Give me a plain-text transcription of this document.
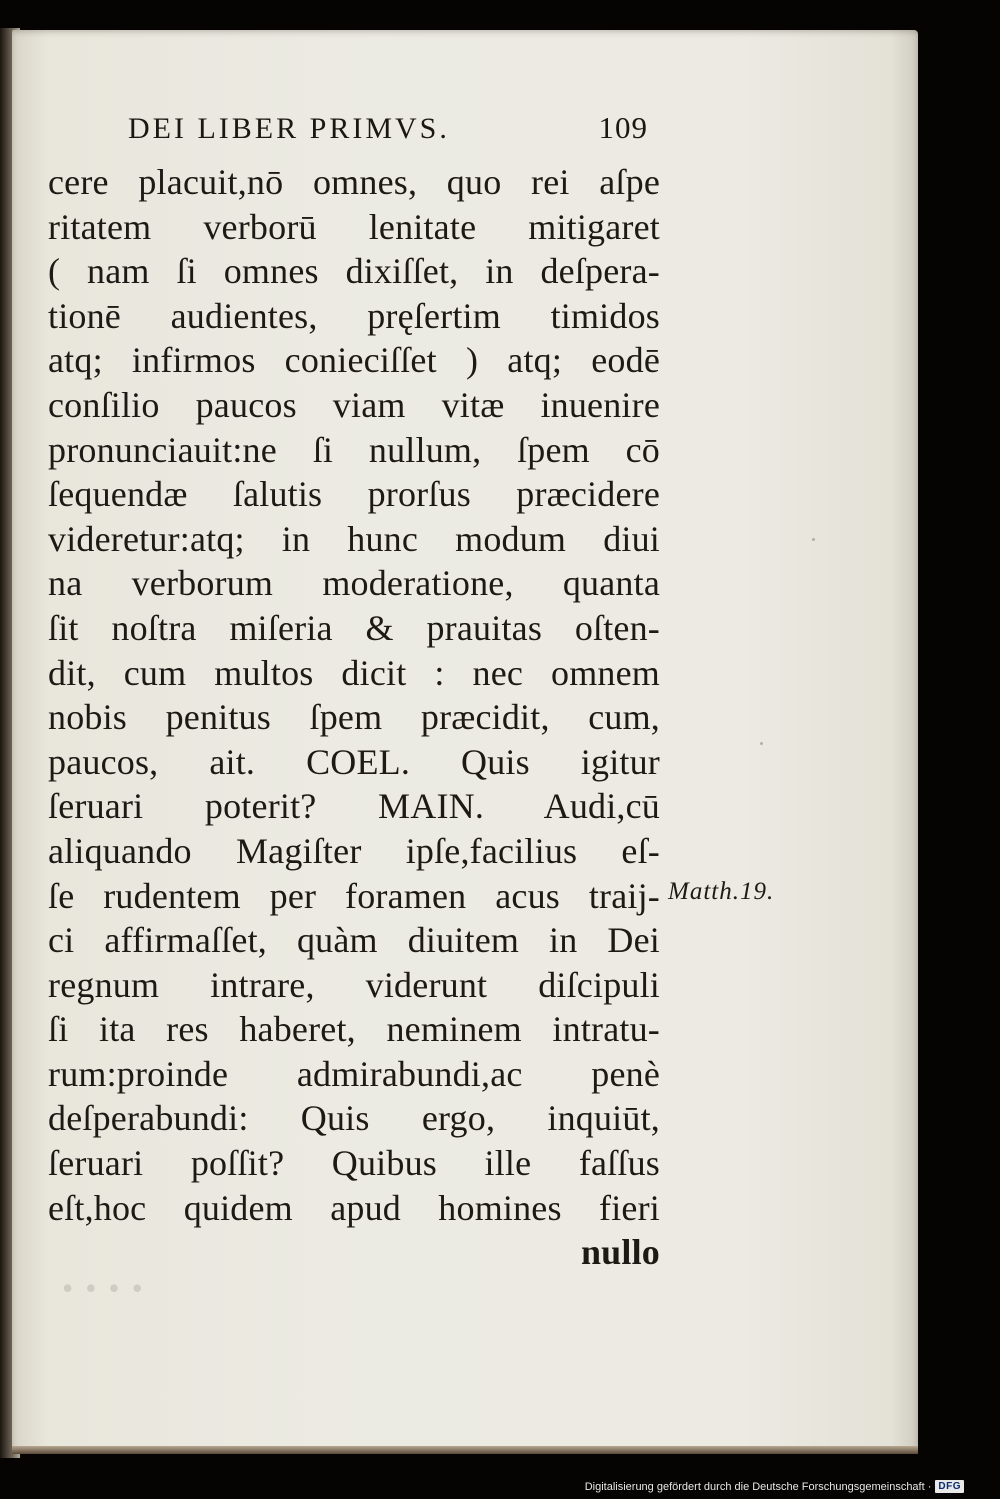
DEI LIBER PRIMVS.	109
cere placuit,nō omnes, quo rei aſpe
ritatem verborū lenitate mitigaret
( nam ſi omnes dixiſſet, in deſpera-
tionē audientes, pręſertim timidos
atq; infirmos conieciſſet ) atq; eodē
conſilio paucos viam vitæ inuenire
pronunciauit:ne ſi nullum, ſpem cō
ſequendæ ſalutis prorſus præcidere
videretur:atq; in hunc modum diui
na verborum moderatione, quanta
ſit noſtra miſeria & prauitas oſten-
dit, cum multos dicit : nec omnem
nobis penitus ſpem præcidit, cum,
paucos, ait. COEL. Quis igitur
ſeruari poterit? MAIN. Audi,cū
aliquando Magiſter ipſe,facilius eſ-
ſe rudentem per foramen acus traij-
ci affirmaſſet, quàm diuitem in Dei
regnum intrare, viderunt diſcipuli
ſi ita res haberet, neminem intratu-
rum:proinde admirabundi,ac penè
deſperabundi: Quis ergo, inquiūt,
ſeruari poſſit? Quibus ille faſſus
eſt,hoc quidem apud homines fieri
nullo
Matth.19.
• • • •
Digitalisierung gefördert durch die Deutsche Forschungsgemeinschaft · DFG
